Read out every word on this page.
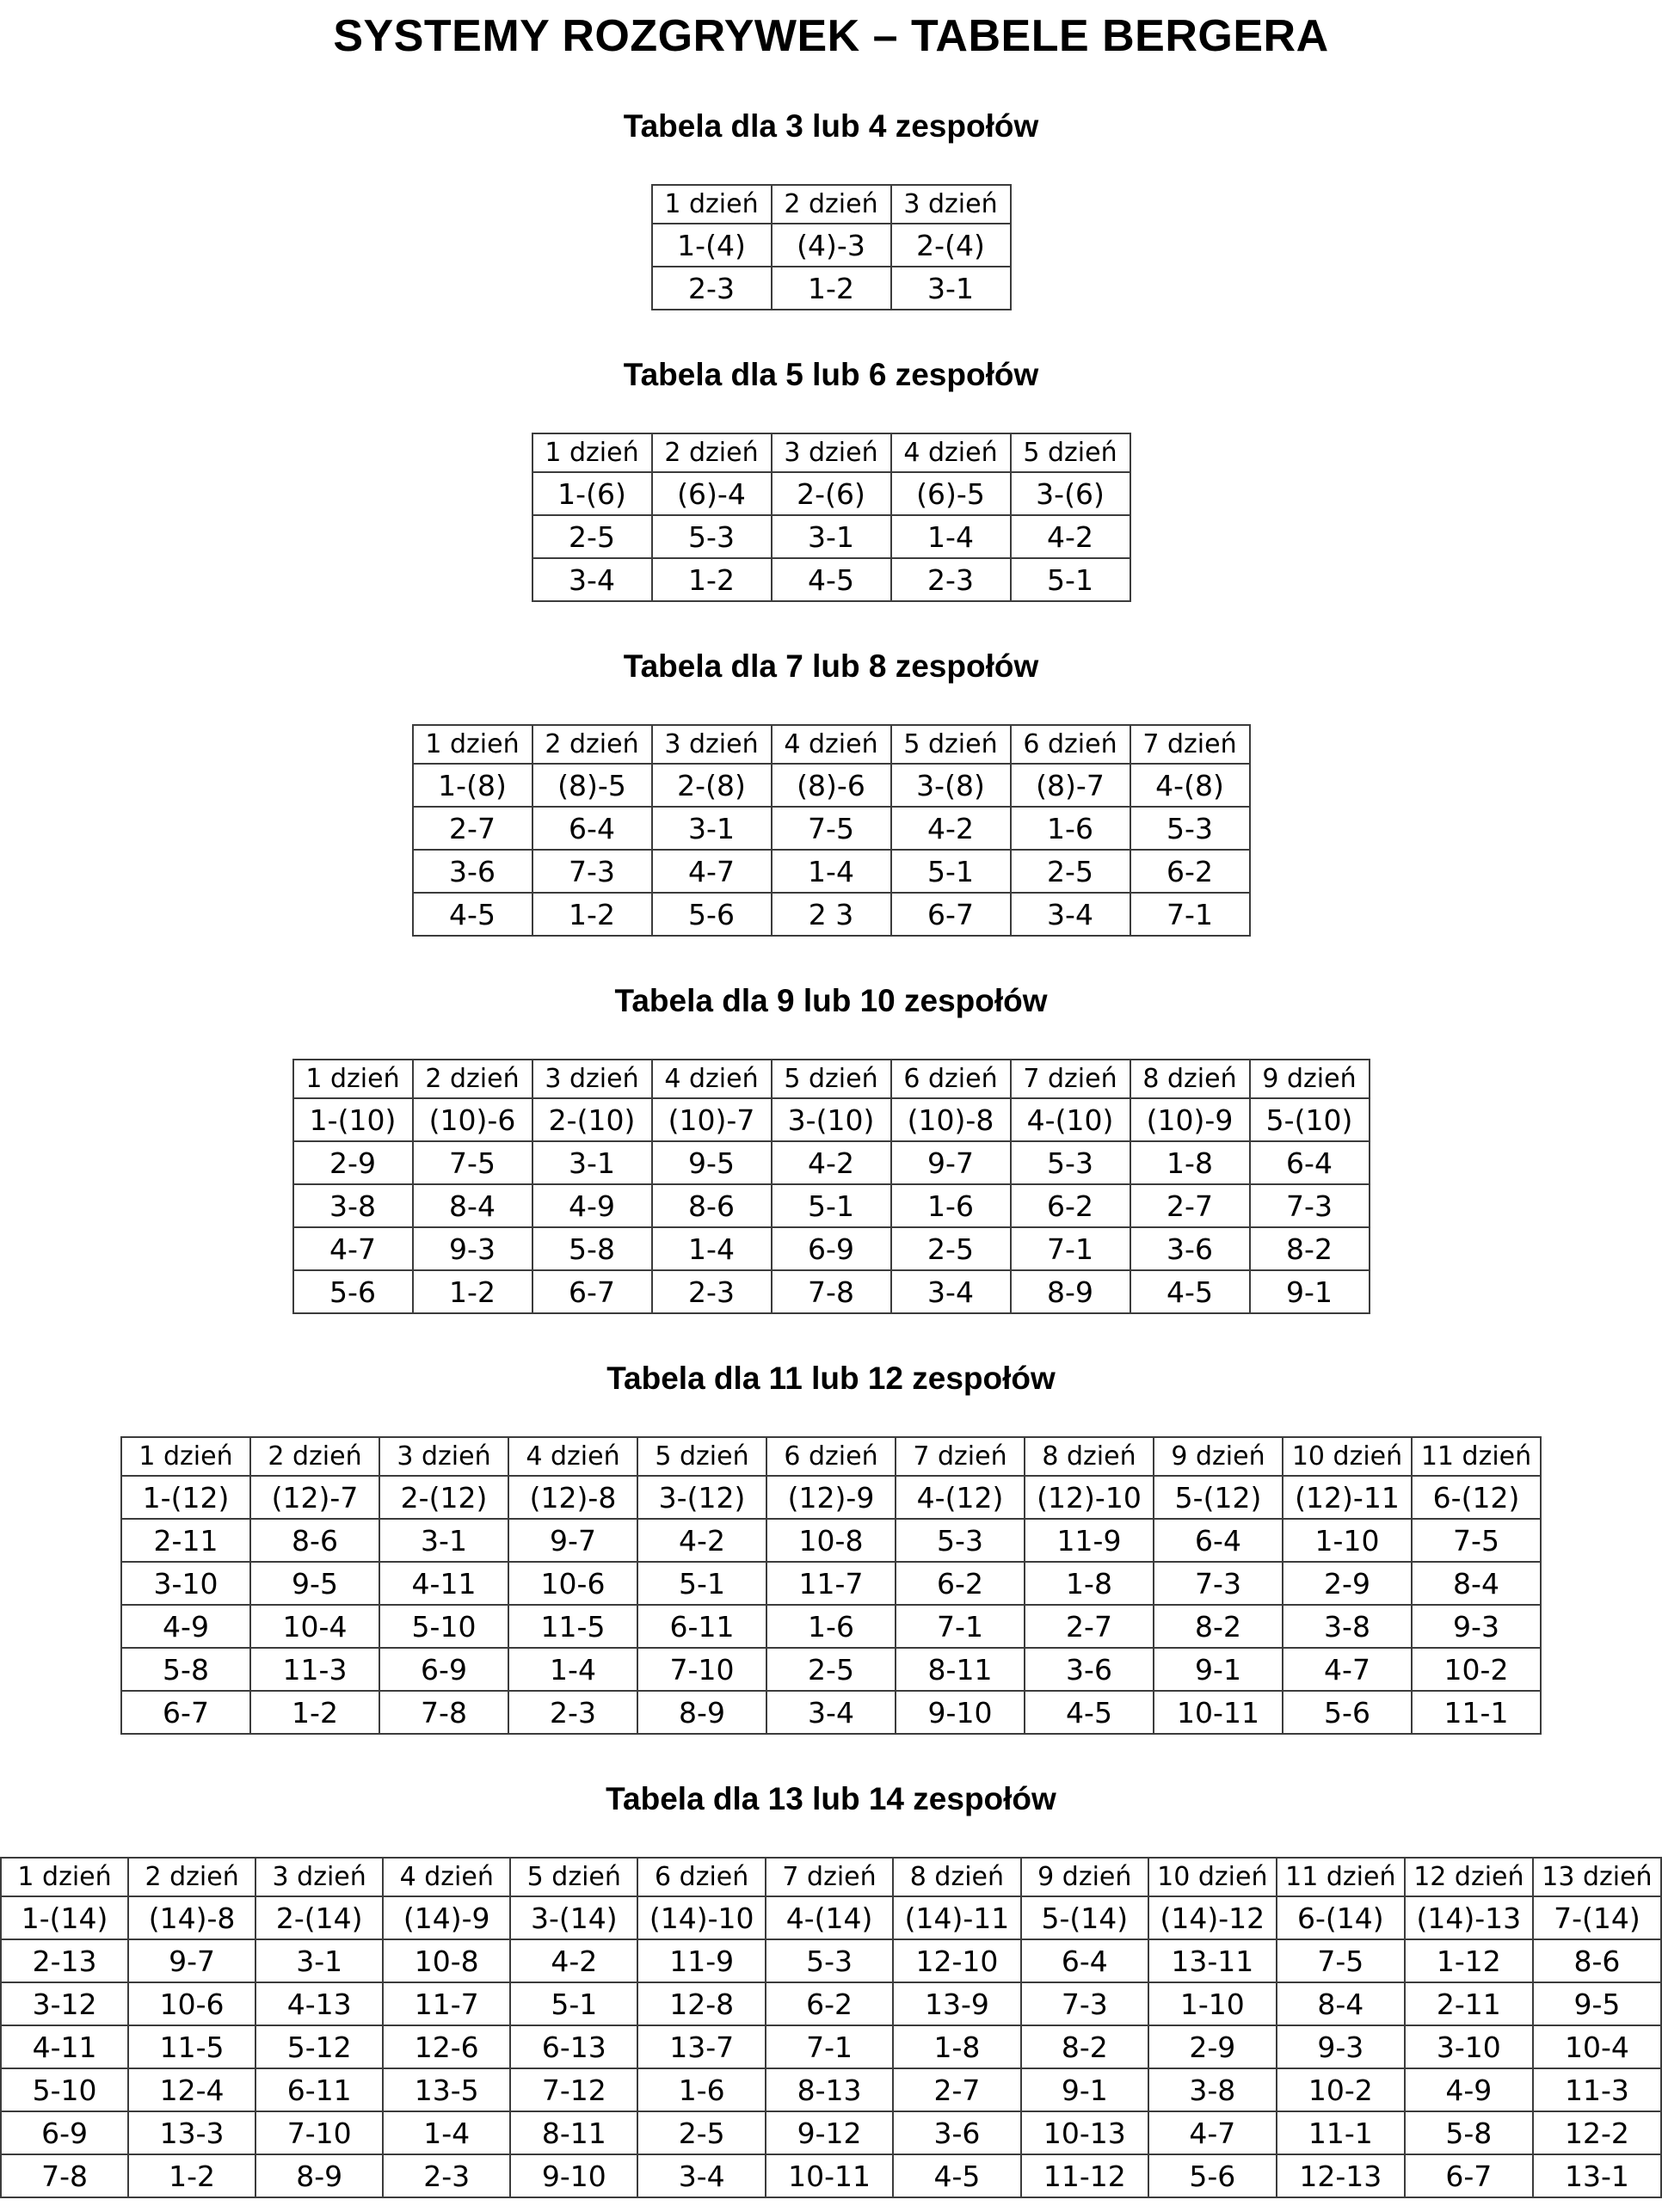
SYSTEMY ROZGRYWEK – TABELE BERGERA
Tabela dla 3 lub 4 zespołów
1 dzień	2 dzień	3 dzień
1-(4)	(4)-3	2-(4)
2-3	1-2	3-1
Tabela dla 5 lub 6 zespołów
1 dzień	2 dzień	3 dzień	4 dzień	5 dzień
1-(6)	(6)-4	2-(6)	(6)-5	3-(6)
2-5	5-3	3-1	1-4	4-2
3-4	1-2	4-5	2-3	5-1
Tabela dla 7 lub 8 zespołów
1 dzień	2 dzień	3 dzień	4 dzień	5 dzień	6 dzień	7 dzień
1-(8)	(8)-5	2-(8)	(8)-6	3-(8)	(8)-7	4-(8)
2-7	6-4	3-1	7-5	4-2	1-6	5-3
3-6	7-3	4-7	1-4	5-1	2-5	6-2
4-5	1-2	5-6	2 3	6-7	3-4	7-1
Tabela dla 9 lub 10 zespołów
1 dzień	2 dzień	3 dzień	4 dzień	5 dzień	6 dzień	7 dzień	8 dzień	9 dzień
1-(10)	(10)-6	2-(10)	(10)-7	3-(10)	(10)-8	4-(10)	(10)-9	5-(10)
2-9	7-5	3-1	9-5	4-2	9-7	5-3	1-8	6-4
3-8	8-4	4-9	8-6	5-1	1-6	6-2	2-7	7-3
4-7	9-3	5-8	1-4	6-9	2-5	7-1	3-6	8-2
5-6	1-2	6-7	2-3	7-8	3-4	8-9	4-5	9-1
Tabela dla 11 lub 12 zespołów
1 dzień	2 dzień	3 dzień	4 dzień	5 dzień	6 dzień	7 dzień	8 dzień	9 dzień	10 dzień	11 dzień
1-(12)	(12)-7	2-(12)	(12)-8	3-(12)	(12)-9	4-(12)	(12)-10	5-(12)	(12)-11	6-(12)
2-11	8-6	3-1	9-7	4-2	10-8	5-3	11-9	6-4	1-10	7-5
3-10	9-5	4-11	10-6	5-1	11-7	6-2	1-8	7-3	2-9	8-4
4-9	10-4	5-10	11-5	6-11	1-6	7-1	2-7	8-2	3-8	9-3
5-8	11-3	6-9	1-4	7-10	2-5	8-11	3-6	9-1	4-7	10-2
6-7	1-2	7-8	2-3	8-9	3-4	9-10	4-5	10-11	5-6	11-1
Tabela dla 13 lub 14 zespołów
1 dzień	2 dzień	3 dzień	4 dzień	5 dzień	6 dzień	7 dzień	8 dzień	9 dzień	10 dzień	11 dzień	12 dzień	13 dzień
1-(14)	(14)-8	2-(14)	(14)-9	3-(14)	(14)-10	4-(14)	(14)-11	5-(14)	(14)-12	6-(14)	(14)-13	7-(14)
2-13	9-7	3-1	10-8	4-2	11-9	5-3	12-10	6-4	13-11	7-5	1-12	8-6
3-12	10-6	4-13	11-7	5-1	12-8	6-2	13-9	7-3	1-10	8-4	2-11	9-5
4-11	11-5	5-12	12-6	6-13	13-7	7-1	1-8	8-2	2-9	9-3	3-10	10-4
5-10	12-4	6-11	13-5	7-12	1-6	8-13	2-7	9-1	3-8	10-2	4-9	11-3
6-9	13-3	7-10	1-4	8-11	2-5	9-12	3-6	10-13	4-7	11-1	5-8	12-2
7-8	1-2	8-9	2-3	9-10	3-4	10-11	4-5	11-12	5-6	12-13	6-7	13-1
